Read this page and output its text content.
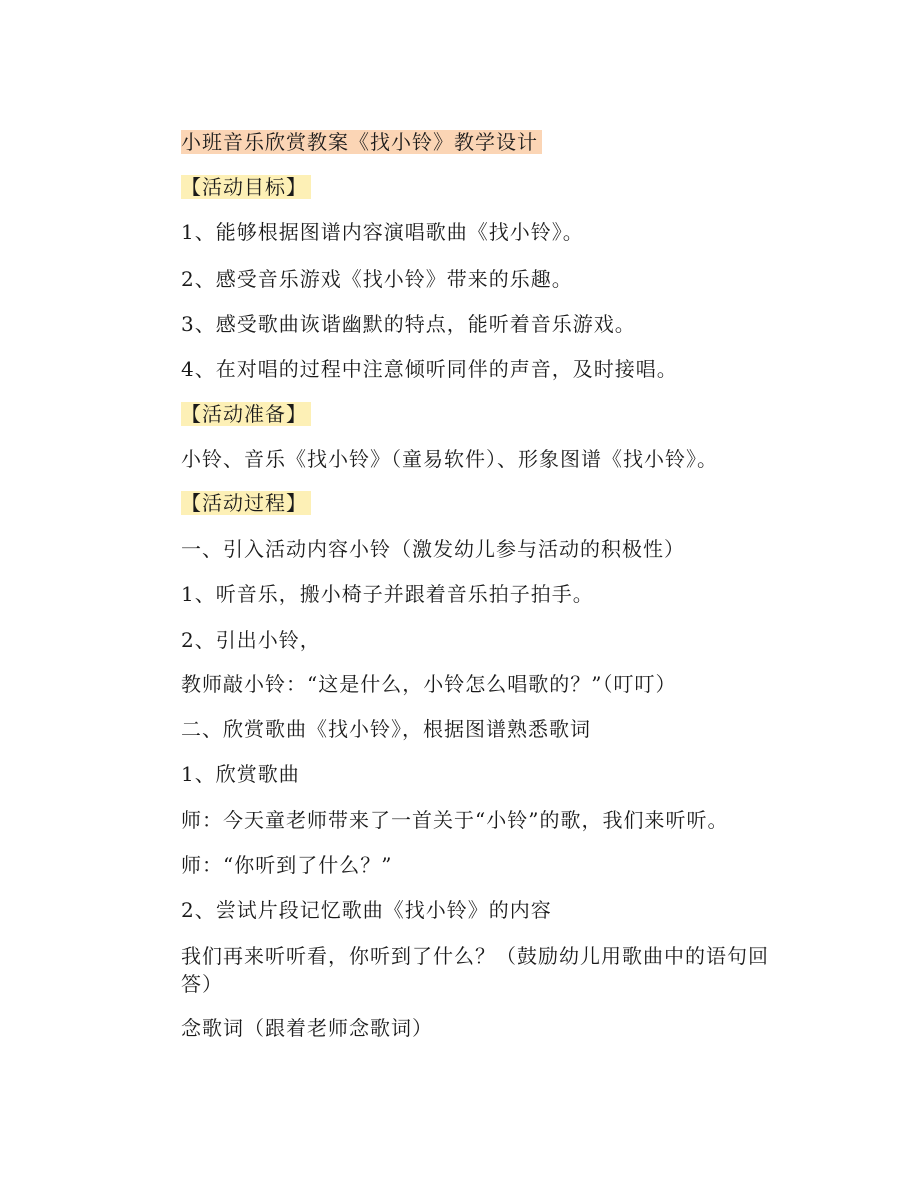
小班音乐欣赏教案《找小铃》教学设计
【活动目标】
1、能够根据图谱内容演唱歌曲《找小铃》。
2、感受音乐游戏《找小铃》带来的乐趣。
3、感受歌曲诙谐幽默的特点，能听着音乐游戏。
4、在对唱的过程中注意倾听同伴的声音，及时接唱。
【活动准备】
小铃、音乐《找小铃》（童易软件）、形象图谱《找小铃》。
【活动过程】
一、引入活动内容小铃（激发幼儿参与活动的积极性）
1、听音乐，搬小椅子并跟着音乐拍子拍手。
2、引出小铃，
教师敲小铃：“这是什么，小铃怎么唱歌的？”（叮叮）
二、欣赏歌曲《找小铃》，根据图谱熟悉歌词
1、欣赏歌曲
师：今天童老师带来了一首关于“小铃”的歌，我们来听听。
师：“你听到了什么？”
2、尝试片段记忆歌曲《找小铃》的内容
我们再来听听看，你听到了什么？（鼓励幼儿用歌曲中的语句回答）
念歌词（跟着老师念歌词）
